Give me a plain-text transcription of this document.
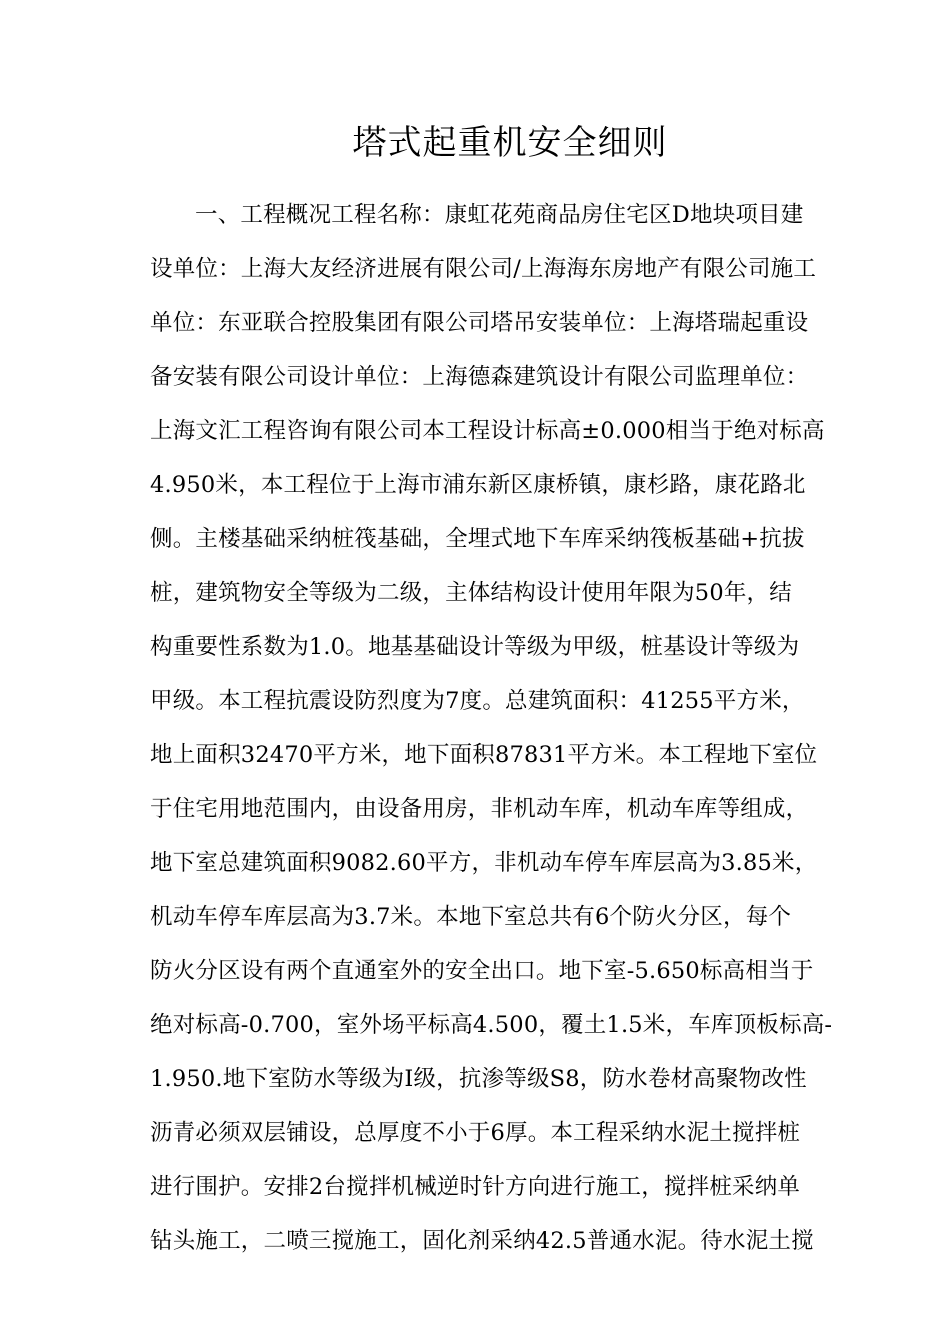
塔式起重机安全细则
一、工程概况工程名称：康虹花苑商品房住宅区D地块项目建
设单位：上海大友经济进展有限公司/上海海东房地产有限公司施工
单位：东亚联合控股集团有限公司塔吊安装单位：上海塔瑞起重设
备安装有限公司设计单位：上海德森建筑设计有限公司监理单位：
上海文汇工程咨询有限公司本工程设计标高±0.000相当于绝对标高
4.950米，本工程位于上海市浦东新区康桥镇，康杉路，康花路北
侧。主楼基础采纳桩筏基础，全埋式地下车库采纳筏板基础+抗拔
桩，建筑物安全等级为二级，主体结构设计使用年限为50年，结
构重要性系数为1.0。地基基础设计等级为甲级，桩基设计等级为
甲级。本工程抗震设防烈度为7度。总建筑面积：41255平方米，
地上面积32470平方米，地下面积87831平方米。本工程地下室位
于住宅用地范围内，由设备用房，非机动车库，机动车库等组成，
地下室总建筑面积9082.60平方，非机动车停车库层高为3.85米，
机动车停车库层高为3.7米。本地下室总共有6个防火分区，每个
防火分区设有两个直通室外的安全出口。地下室-5.650标高相当于
绝对标高-0.700，室外场平标高4.500，覆土1.5米，车库顶板标高-
1.950.地下室防水等级为Ⅰ级，抗渗等级S8，防水卷材高聚物改性
沥青必须双层铺设，总厚度不小于6厚。本工程采纳水泥土搅拌桩
进行围护。安排2台搅拌机械逆时针方向进行施工，搅拌桩采纳单
钻头施工，二喷三搅施工，固化剂采纳42.5普通水泥。待水泥土搅
